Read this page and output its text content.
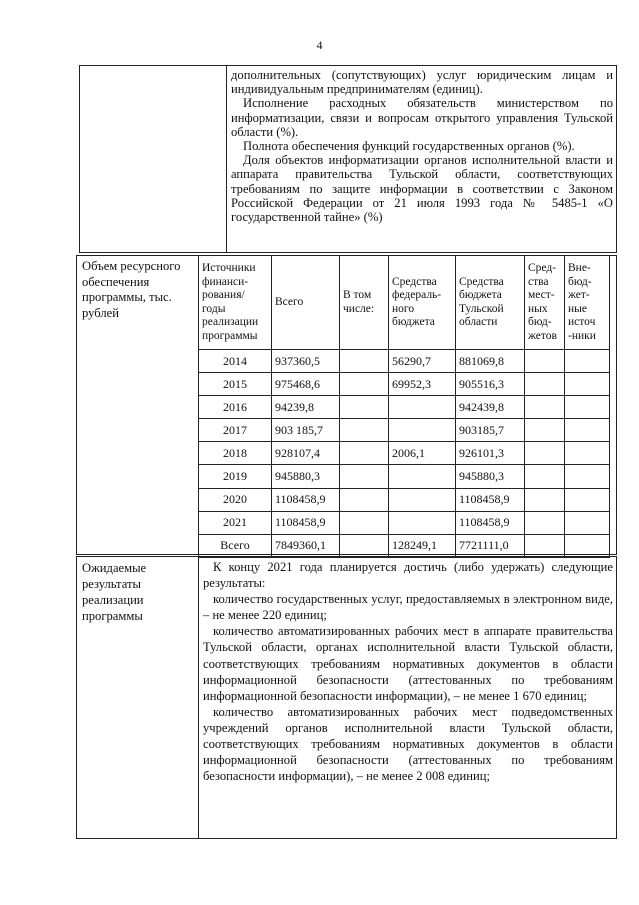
4

дополнительных (сопутствующих) услуг юридическим лицам и индивидуальным предпринимателям (единиц).

Исполнение расходных обязательств министерством по информатизации, связи и вопросам открытого управления Тульской области (%).

Полнота обеспечения функций государственных органов (%).

Доля объектов информатизации органов исполнительной власти и аппарата правительства Тульской области, соответствующих требованиям по защите информации в соответствии с Законом Российской Федерации от 21 июля 1993 года № 5485-1 «О государственной тайне» (%)

Объем ресурсного обеспечения программы, тыс. рублей
Источники финанси-рования/ годы реализации программы	Всего	В том числе:	Средства федераль-ного бюджета	Средства бюджета Тульской области	Сред-ства мест-ных бюд-жетов	Вне-бюд-жет-ные источ -ники
2014	937360,5		56290,7	881069,8		
2015	975468,6		69952,3	905516,3		
2016	94239,8			942439,8		
2017	903 185,7			903185,7		
2018	928107,4		2006,1	926101,3		
2019	945880,3			945880,3		
2020	1108458,9			1108458,9		
2021	1108458,9			1108458,9		
Всего	7849360,1		128249,1	7721111,0		
Ожидаемые результаты реализации программы

К концу 2021 года планируется достичь (либо удержать) следующие результаты:

количество государственных услуг, предоставляемых в электронном виде, – не менее 220 единиц;

количество автоматизированных рабочих мест в аппарате правительства Тульской области, органах исполнительной власти Тульской области, соответствующих требованиям нормативных документов в области информационной безопасности (аттестованных по требованиям информационной безопасности информации), – не менее 1 670 единиц;

количество автоматизированных рабочих мест подведомственных учреждений органов исполнительной власти Тульской области, соответствующих требованиям нормативных документов в области информационной безопасности (аттестованных по требованиям безопасности информации), – не менее 2 008 единиц;
